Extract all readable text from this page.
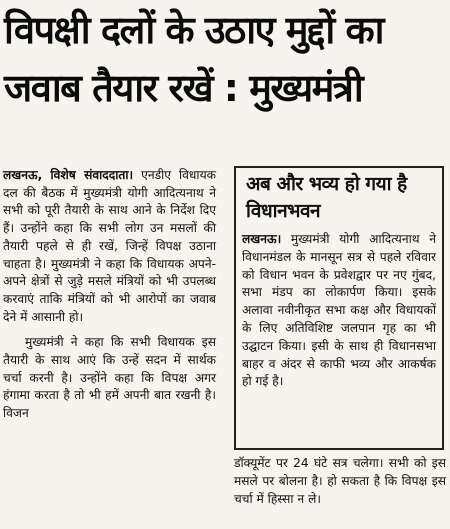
विपक्षी दलों के उठाए मुद्दों का
जवाब तैयार रखें : मुख्यमंत्री

लखनऊ, विशेष संवाददाता। एनडीए विधायक दल की बैठक में मुख्यमंत्री योगी आदित्यनाथ ने सभी को पूरी तैयारी के साथ आने के निर्देश दिए हैं। उन्होंने कहा कि सभी लोग उन मसलों की तैयारी पहले से ही रखें, जिन्हें विपक्ष उठाना चाहता है। मुख्यमंत्री ने कहा कि विधायक अपने-अपने क्षेत्रों से जुड़े मसले मंत्रियों को भी उपलब्ध करवाएं ताकि मंत्रियों को भी आरोपों का जवाब देने में आसानी हो।

मुख्यमंत्री ने कहा कि सभी विधायक इस तैयारी के साथ आएं कि उन्हें सदन में सार्थक चर्चा करनी है। उन्होंने कहा कि विपक्ष अगर हंगामा करता है तो भी हमें अपनी बात रखनी है। विजन

अब और भव्य हो गया है विधानभवन

लखनऊ। मुख्यमंत्री योगी आदित्यनाथ ने विधानमंडल के मानसून सत्र से पहले रविवार को विधान भवन के प्रवेशद्वार पर नए गुंबद, सभा मंडप का लोकार्पण किया। इसके अलावा नवीनीकृत सभा कक्ष और विधायकों के लिए अतिविशिष्ट जलपान गृह का भी उद्घाटन किया। इसी के साथ ही विधानसभा बाहर व अंदर से काफी भव्य और आकर्षक हो गई है।

डॉक्यूमेंट पर 24 घंटे सत्र चलेगा। सभी को इस मसले पर बोलना है। हो सकता है कि विपक्ष इस चर्चा में हिस्सा न ले।
